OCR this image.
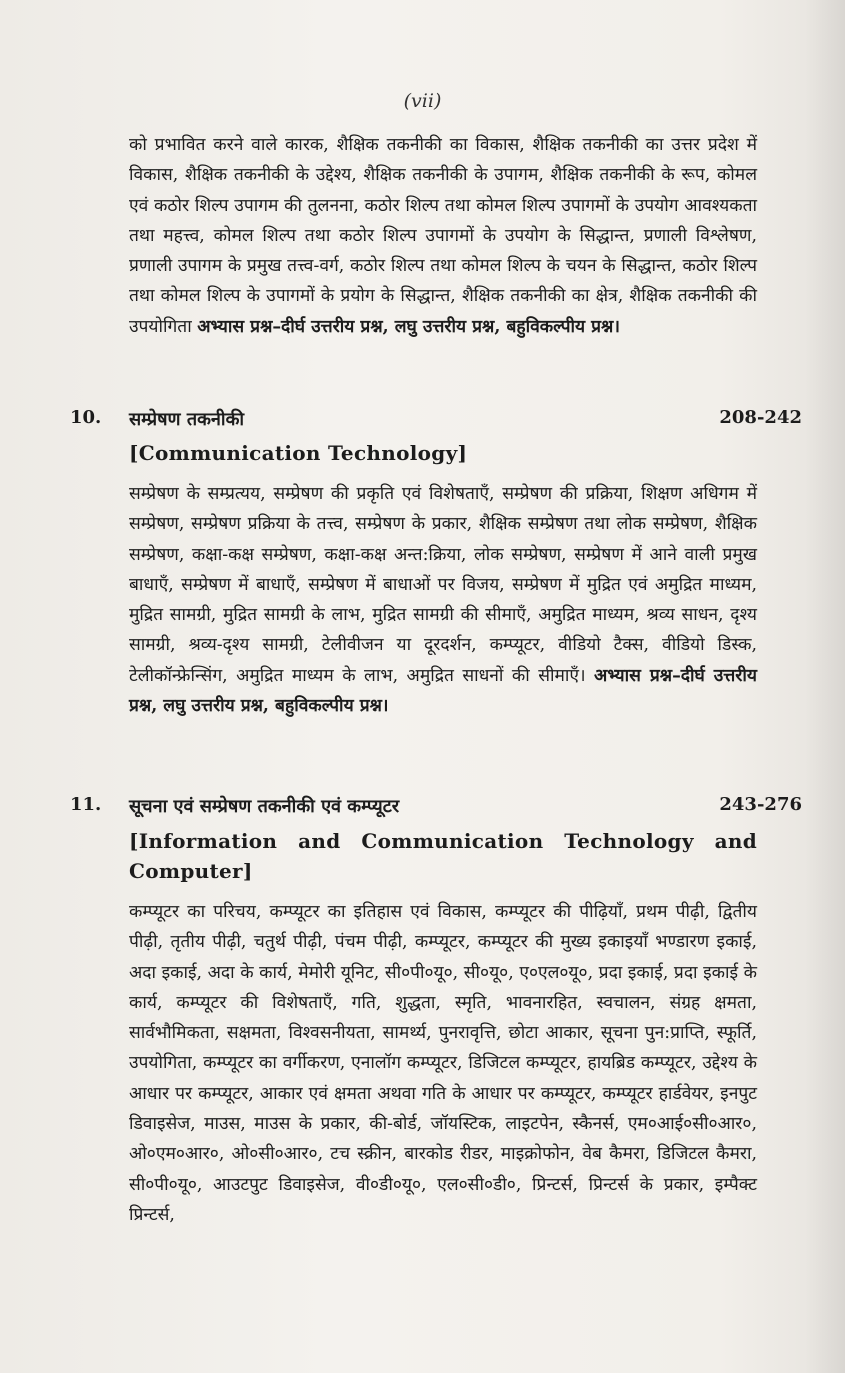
(vii)
को प्रभावित करने वाले कारक, शैक्षिक तकनीकी का विकास, शैक्षिक तकनीकी का उत्तर प्रदेश में विकास, शैक्षिक तकनीकी के उद्देश्य, शैक्षिक तकनीकी के उपागम, शैक्षिक तकनीकी के रूप, कोमल एवं कठोर शिल्प उपागम की तुलनना, कठोर शिल्प तथा कोमल शिल्प उपागमों के उपयोग आवश्यकता तथा महत्त्व, कोमल शिल्प तथा कठोर शिल्प उपागमों के उपयोग के सिद्धान्त, प्रणाली विश्लेषण, प्रणाली उपागम के प्रमुख तत्त्व-वर्ग, कठोर शिल्प तथा कोमल शिल्प के चयन के सिद्धान्त, कठोर शिल्प तथा कोमल शिल्प के उपागमों के प्रयोग के सिद्धान्त, शैक्षिक तकनीकी का क्षेत्र, शैक्षिक तकनीकी की उपयोगिता अभ्यास प्रश्न–दीर्घ उत्तरीय प्रश्न, लघु उत्तरीय प्रश्न, बहुविकल्पीय प्रश्न।
10. सम्प्रेषण तकनीकी	208-242
[Communication Technology]
सम्प्रेषण के सम्प्रत्यय, सम्प्रेषण की प्रकृति एवं विशेषताएँ, सम्प्रेषण की प्रक्रिया, शिक्षण अधिगम में सम्प्रेषण, सम्प्रेषण प्रक्रिया के तत्त्व, सम्प्रेषण के प्रकार, शैक्षिक सम्प्रेषण तथा लोक सम्प्रेषण, शैक्षिक सम्प्रेषण, कक्षा-कक्ष सम्प्रेषण, कक्षा-कक्ष अन्त:क्रिया, लोक सम्प्रेषण, सम्प्रेषण में आने वाली प्रमुख बाधाएँ, सम्प्रेषण में बाधाएँ, सम्प्रेषण में बाधाओं पर विजय, सम्प्रेषण में मुद्रित एवं अमुद्रित माध्यम, मुद्रित सामग्री, मुद्रित सामग्री के लाभ, मुद्रित सामग्री की सीमाएँ, अमुद्रित माध्यम, श्रव्य साधन, दृश्य सामग्री, श्रव्य-दृश्य सामग्री, टेलीवीजन या दूरदर्शन, कम्प्यूटर, वीडियो टैक्स, वीडियो डिस्क, टेलीकॉन्फ्रेन्सिंग, अमुद्रित माध्यम के लाभ, अमुद्रित साधनों की सीमाएँ। अभ्यास प्रश्न–दीर्घ उत्तरीय प्रश्न, लघु उत्तरीय प्रश्न, बहुविकल्पीय प्रश्न।
11. सूचना एवं सम्प्रेषण तकनीकी एवं कम्प्यूटर	243-276
[Information and Communication Technology and Computer]
कम्प्यूटर का परिचय, कम्प्यूटर का इतिहास एवं विकास, कम्प्यूटर की पीढ़ियाँ, प्रथम पीढ़ी, द्वितीय पीढ़ी, तृतीय पीढ़ी, चतुर्थ पीढ़ी, पंचम पीढ़ी, कम्प्यूटर, कम्प्यूटर की मुख्य इकाइयाँ भण्डारण इकाई, अदा इकाई, अदा के कार्य, मेमोरी यूनिट, सी०पी०यू०, सी०यू०, ए०एल०यू०, प्रदा इकाई, प्रदा इकाई के कार्य, कम्प्यूटर की विशेषताएँ, गति, शुद्धता, स्मृति, भावनारहित, स्वचालन, संग्रह क्षमता, सार्वभौमिकता, सक्षमता, विश्वसनीयता, सामर्थ्य, पुनरावृत्ति, छोटा आकार, सूचना पुन:प्राप्ति, स्फूर्ति, उपयोगिता, कम्प्यूटर का वर्गीकरण, एनालॉग कम्प्यूटर, डिजिटल कम्प्यूटर, हायब्रिड कम्प्यूटर, उद्देश्य के आधार पर कम्प्यूटर, आकार एवं क्षमता अथवा गति के आधार पर कम्प्यूटर, कम्प्यूटर हार्डवेयर, इनपुट डिवाइसेज, माउस, माउस के प्रकार, की-बोर्ड, जॉयस्टिक, लाइटपेन, स्कैनर्स, एम०आई०सी०आर०, ओ०एम०आर०, ओ०सी०आर०, टच स्क्रीन, बारकोड रीडर, माइक्रोफोन, वेब कैमरा, डिजिटल कैमरा, सी०पी०यू०, आउटपुट डिवाइसेज, वी०डी०यू०, एल०सी०डी०, प्रिन्टर्स, प्रिन्टर्स के प्रकार, इम्पैक्ट प्रिन्टर्स,
